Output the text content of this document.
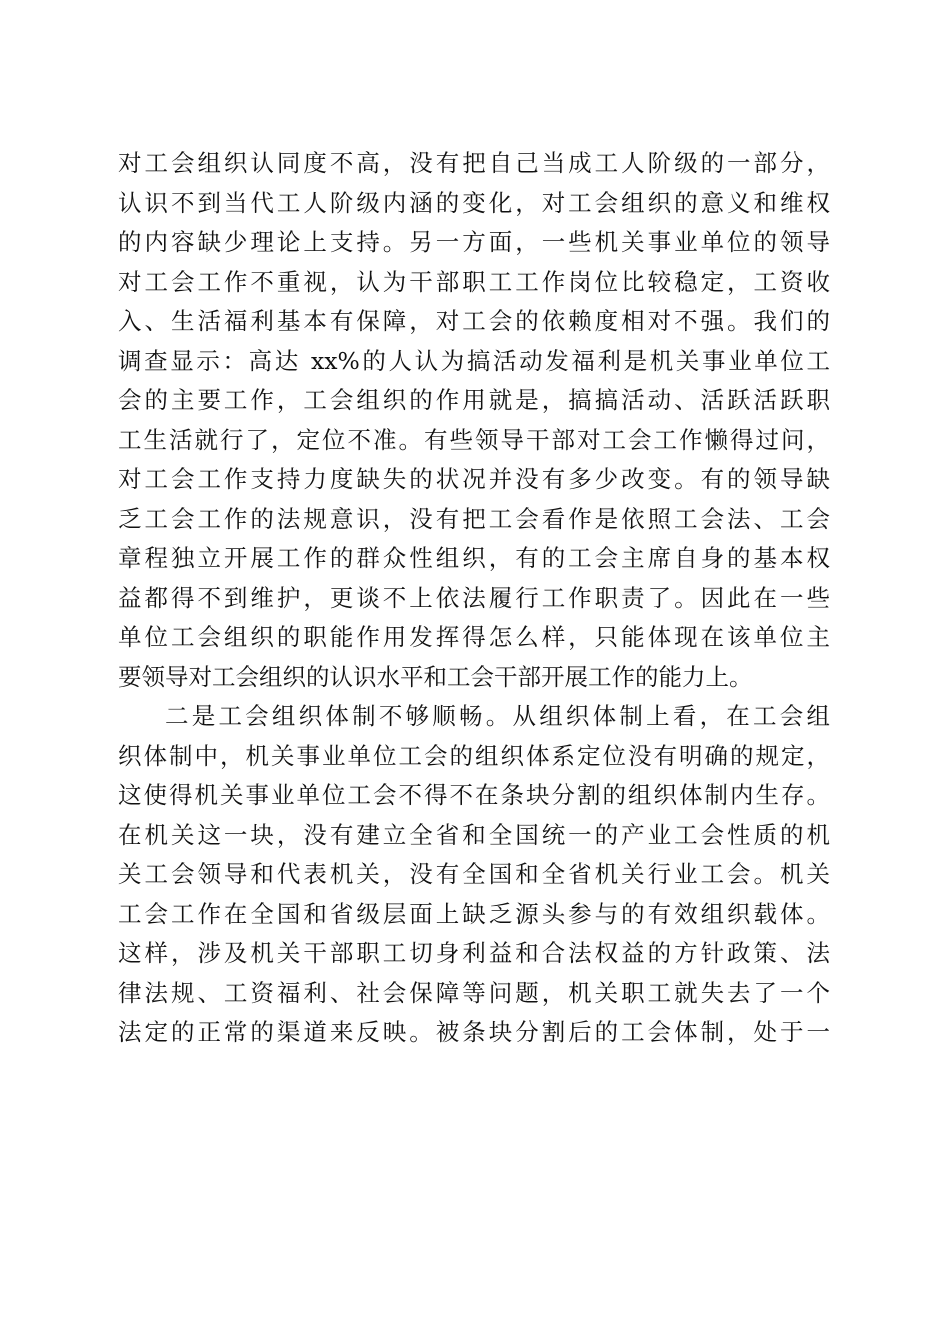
对工会组织认同度不高，没有把自己当成工人阶级的一部分，
认识不到当代工人阶级内涵的变化，对工会组织的意义和维权
的内容缺少理论上支持。另一方面，一些机关事业单位的领导
对工会工作不重视，认为干部职工工作岗位比较稳定，工资收
入、生活福利基本有保障，对工会的依赖度相对不强。我们的
调查显示：高达 xx%的人认为搞活动发福利是机关事业单位工
会的主要工作，工会组织的作用就是，搞搞活动、活跃活跃职
工生活就行了，定位不准。有些领导干部对工会工作懒得过问，
对工会工作支持力度缺失的状况并没有多少改变。有的领导缺
乏工会工作的法规意识，没有把工会看作是依照工会法、工会
章程独立开展工作的群众性组织，有的工会主席自身的基本权
益都得不到维护，更谈不上依法履行工作职责了。因此在一些
单位工会组织的职能作用发挥得怎么样，只能体现在该单位主
要领导对工会组织的认识水平和工会干部开展工作的能力上。
二是工会组织体制不够顺畅。从组织体制上看，在工会组
织体制中，机关事业单位工会的组织体系定位没有明确的规定，
这使得机关事业单位工会不得不在条块分割的组织体制内生存。
在机关这一块，没有建立全省和全国统一的产业工会性质的机
关工会领导和代表机关，没有全国和全省机关行业工会。机关
工会工作在全国和省级层面上缺乏源头参与的有效组织载体。
这样，涉及机关干部职工切身利益和合法权益的方针政策、法
律法规、工资福利、社会保障等问题，机关职工就失去了一个
法定的正常的渠道来反映。被条块分割后的工会体制，处于一
